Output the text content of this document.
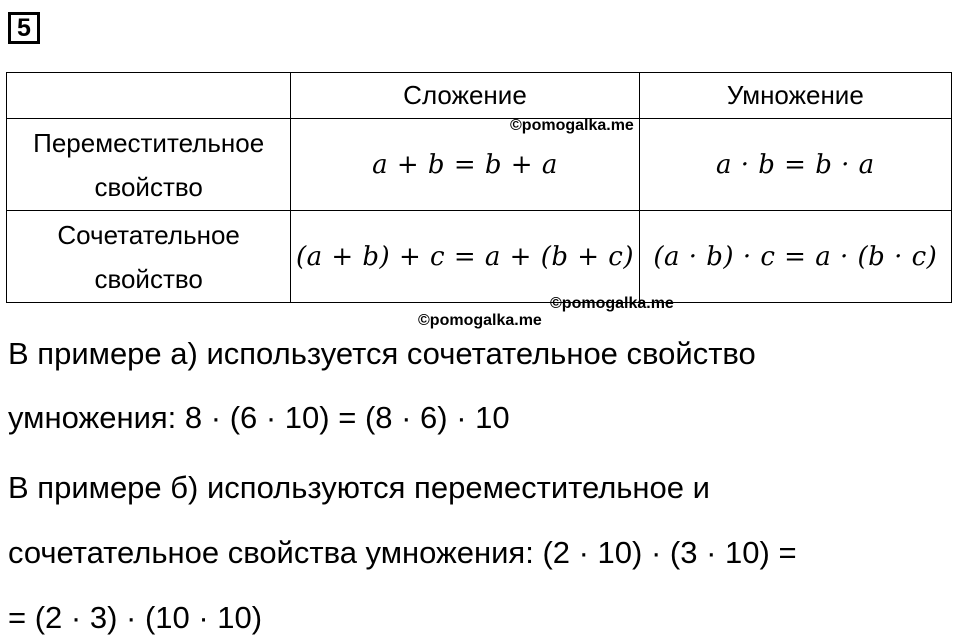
5
	Сложение	Умножение

Переместительное
свойство	a + b = b + a	a · b = b · a

Сочетательное
свойство	(a + b) + c = a + (b + c)	(a · b) · c = a · (b · c)
©pomogalka.me
©pomogalka.me
©pomogalka.me
В примере а) используется сочетательное свойство
умножения: 8 · (6 · 10) = (8 · 6) · 10
В примере б) используются переместительное и
сочетательное свойства умножения: (2 · 10) · (3 · 10) =
= (2 · 3) · (10 · 10)
